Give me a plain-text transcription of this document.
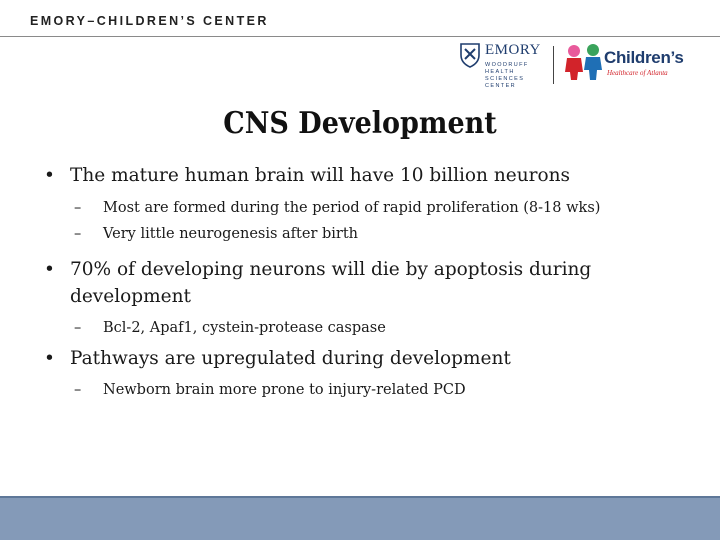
EMORY–CHILDREN’S CENTER
EMORY
WOODRUFF
HEALTH
SCIENCES
CENTER
Children’s
Healthcare of Atlanta
CNS Development
• The mature human brain will have 10 billion neurons
– Most are formed during the period of rapid proliferation (8-18 wks)
– Very little neurogenesis after birth
• 70% of developing neurons will die by apoptosis during development
– Bcl-2, Apaf1, cystein-protease caspase
• Pathways are upregulated during development
– Newborn brain more prone to injury-related PCD
